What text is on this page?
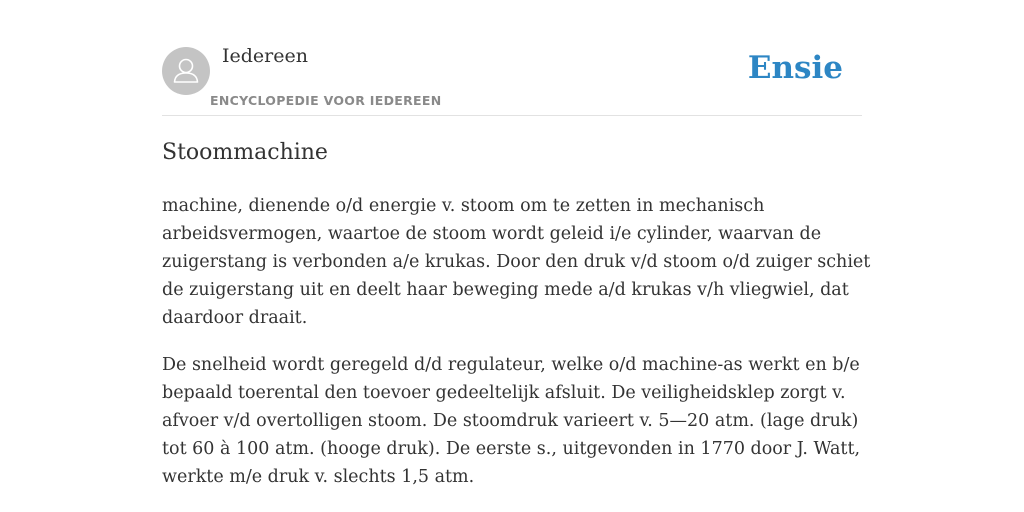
Iedereen
ENCYCLOPEDIE VOOR IEDEREEN
Ensie
Stoommachine

machine, dienende o/d energie v. stoom om te zetten in mechanisch
arbeidsvermogen, waartoe de stoom wordt geleid i/e cylinder, waarvan de
zuigerstang is verbonden a/e krukas. Door den druk v/d stoom o/d zuiger schiet
de zuigerstang uit en deelt haar beweging mede a/d krukas v/h vliegwiel, dat
daardoor draait.

De snelheid wordt geregeld d/d regulateur, welke o/d machine-as werkt en b/e
bepaald toerental den toevoer gedeeltelijk afsluit. De veiligheidsklep zorgt v.
afvoer v/d overtolligen stoom. De stoomdruk varieert v. 5—20 atm. (lage druk)
tot 60 à 100 atm. (hooge druk). De eerste s., uitgevonden in 1770 door J. Watt,
werkte m/e druk v. slechts 1,5 atm.
